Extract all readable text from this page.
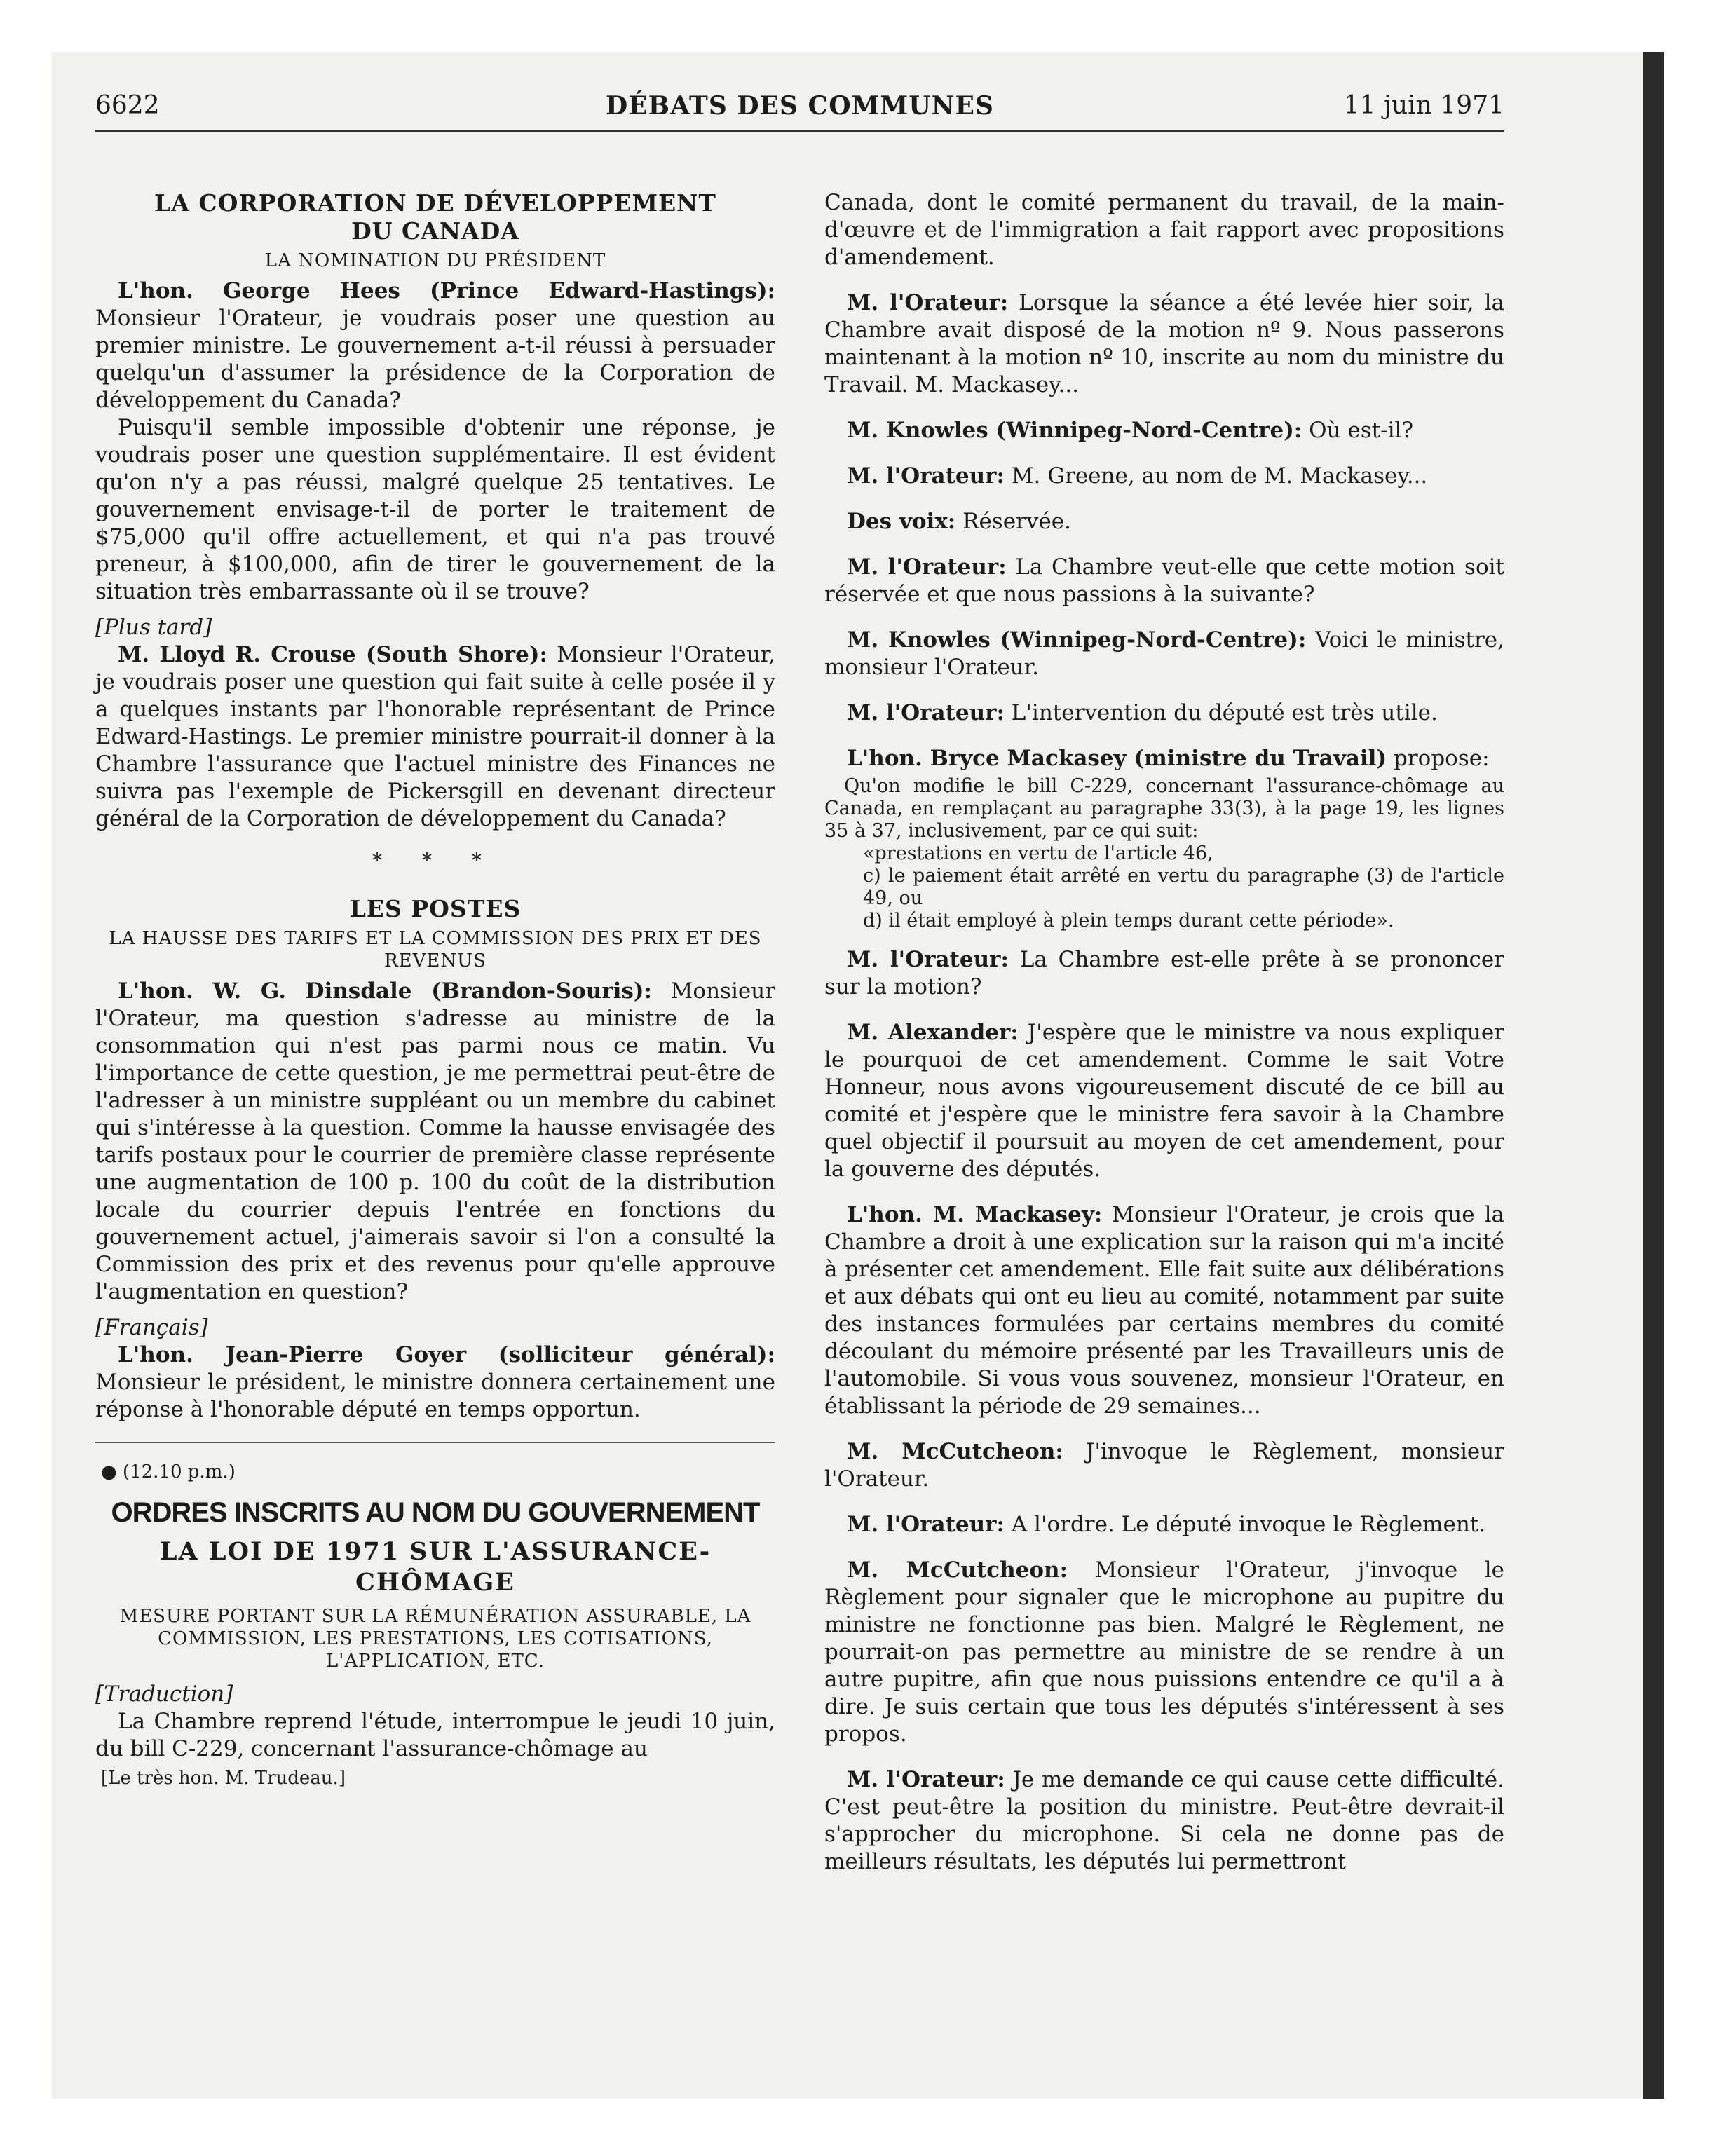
6622	DÉBATS DES COMMUNES	11 juin 1971
LA CORPORATION DE DÉVELOPPEMENT DU CANADA
LA NOMINATION DU PRÉSIDENT

L'hon. George Hees (Prince Edward-Hastings): Monsieur l'Orateur, je voudrais poser une question au premier ministre. Le gouvernement a-t-il réussi à persuader quelqu'un d'assumer la présidence de la Corporation de développement du Canada?

Puisqu'il semble impossible d'obtenir une réponse, je voudrais poser une question supplémentaire. Il est évident qu'on n'y a pas réussi, malgré quelque 25 tentatives. Le gouvernement envisage-t-il de porter le traitement de $75,000 qu'il offre actuellement, et qui n'a pas trouvé preneur, à $100,000, afin de tirer le gouvernement de la situation très embarrassante où il se trouve?

[Plus tard]

M. Lloyd R. Crouse (South Shore): Monsieur l'Orateur, je voudrais poser une question qui fait suite à celle posée il y a quelques instants par l'honorable représentant de Prince Edward-Hastings. Le premier ministre pourrait-il donner à la Chambre l'assurance que l'actuel ministre des Finances ne suivra pas l'exemple de Pickersgill en devenant directeur général de la Corporation de développement du Canada?

* * *
LES POSTES
LA HAUSSE DES TARIFS ET LA COMMISSION DES PRIX ET DES REVENUS

L'hon. W. G. Dinsdale (Brandon-Souris): Monsieur l'Orateur, ma question s'adresse au ministre de la consommation qui n'est pas parmi nous ce matin. Vu l'importance de cette question, je me permettrai peut-être de l'adresser à un ministre suppléant ou un membre du cabinet qui s'intéresse à la question. Comme la hausse envisagée des tarifs postaux pour le courrier de première classe représente une augmentation de 100 p. 100 du coût de la distribution locale du courrier depuis l'entrée en fonctions du gouvernement actuel, j'aimerais savoir si l'on a consulté la Commission des prix et des revenus pour qu'elle approuve l'augmentation en question?

[Français]

L'hon. Jean-Pierre Goyer (solliciteur général): Monsieur le président, le ministre donnera certainement une réponse à l'honorable député en temps opportun.

● (12.10 p.m.)

ORDRES INSCRITS AU NOM DU GOUVERNEMENT
LA LOI DE 1971 SUR L'ASSURANCE-CHÔMAGE
MESURE PORTANT SUR LA RÉMUNÉRATION ASSURABLE, LA COMMISSION, LES PRESTATIONS, LES COTISATIONS, L'APPLICATION, ETC.

[Traduction]

La Chambre reprend l'étude, interrompue le jeudi 10 juin, du bill C-229, concernant l'assurance-chômage au

[Le très hon. M. Trudeau.]

Canada, dont le comité permanent du travail, de la main-d'œuvre et de l'immigration a fait rapport avec propositions d'amendement.

M. l'Orateur: Lorsque la séance a été levée hier soir, la Chambre avait disposé de la motion nº 9. Nous passerons maintenant à la motion nº 10, inscrite au nom du ministre du Travail. M. Mackasey...

M. Knowles (Winnipeg-Nord-Centre): Où est-il?

M. l'Orateur: M. Greene, au nom de M. Mackasey...

Des voix: Réservée.

M. l'Orateur: La Chambre veut-elle que cette motion soit réservée et que nous passions à la suivante?

M. Knowles (Winnipeg-Nord-Centre): Voici le ministre, monsieur l'Orateur.

M. l'Orateur: L'intervention du député est très utile.

L'hon. Bryce Mackasey (ministre du Travail) propose:

Qu'on modifie le bill C-229, concernant l'assurance-chômage au Canada, en remplaçant au paragraphe 33(3), à la page 19, les lignes 35 à 37, inclusivement, par ce qui suit:
«prestations en vertu de l'article 46,
c) le paiement était arrêté en vertu du paragraphe (3) de l'article 49, ou
d) il était employé à plein temps durant cette période».

M. l'Orateur: La Chambre est-elle prête à se prononcer sur la motion?

M. Alexander: J'espère que le ministre va nous expliquer le pourquoi de cet amendement. Comme le sait Votre Honneur, nous avons vigoureusement discuté de ce bill au comité et j'espère que le ministre fera savoir à la Chambre quel objectif il poursuit au moyen de cet amendement, pour la gouverne des députés.

L'hon. M. Mackasey: Monsieur l'Orateur, je crois que la Chambre a droit à une explication sur la raison qui m'a incité à présenter cet amendement. Elle fait suite aux délibérations et aux débats qui ont eu lieu au comité, notamment par suite des instances formulées par certains membres du comité découlant du mémoire présenté par les Travailleurs unis de l'automobile. Si vous vous souvenez, monsieur l'Orateur, en établissant la période de 29 semaines...

M. McCutcheon: J'invoque le Règlement, monsieur l'Orateur.

M. l'Orateur: A l'ordre. Le député invoque le Règlement.

M. McCutcheon: Monsieur l'Orateur, j'invoque le Règlement pour signaler que le microphone au pupitre du ministre ne fonctionne pas bien. Malgré le Règlement, ne pourrait-on pas permettre au ministre de se rendre à un autre pupitre, afin que nous puissions entendre ce qu'il a à dire. Je suis certain que tous les députés s'intéressent à ses propos.

M. l'Orateur: Je me demande ce qui cause cette difficulté. C'est peut-être la position du ministre. Peut-être devrait-il s'approcher du microphone. Si cela ne donne pas de meilleurs résultats, les députés lui permettront
